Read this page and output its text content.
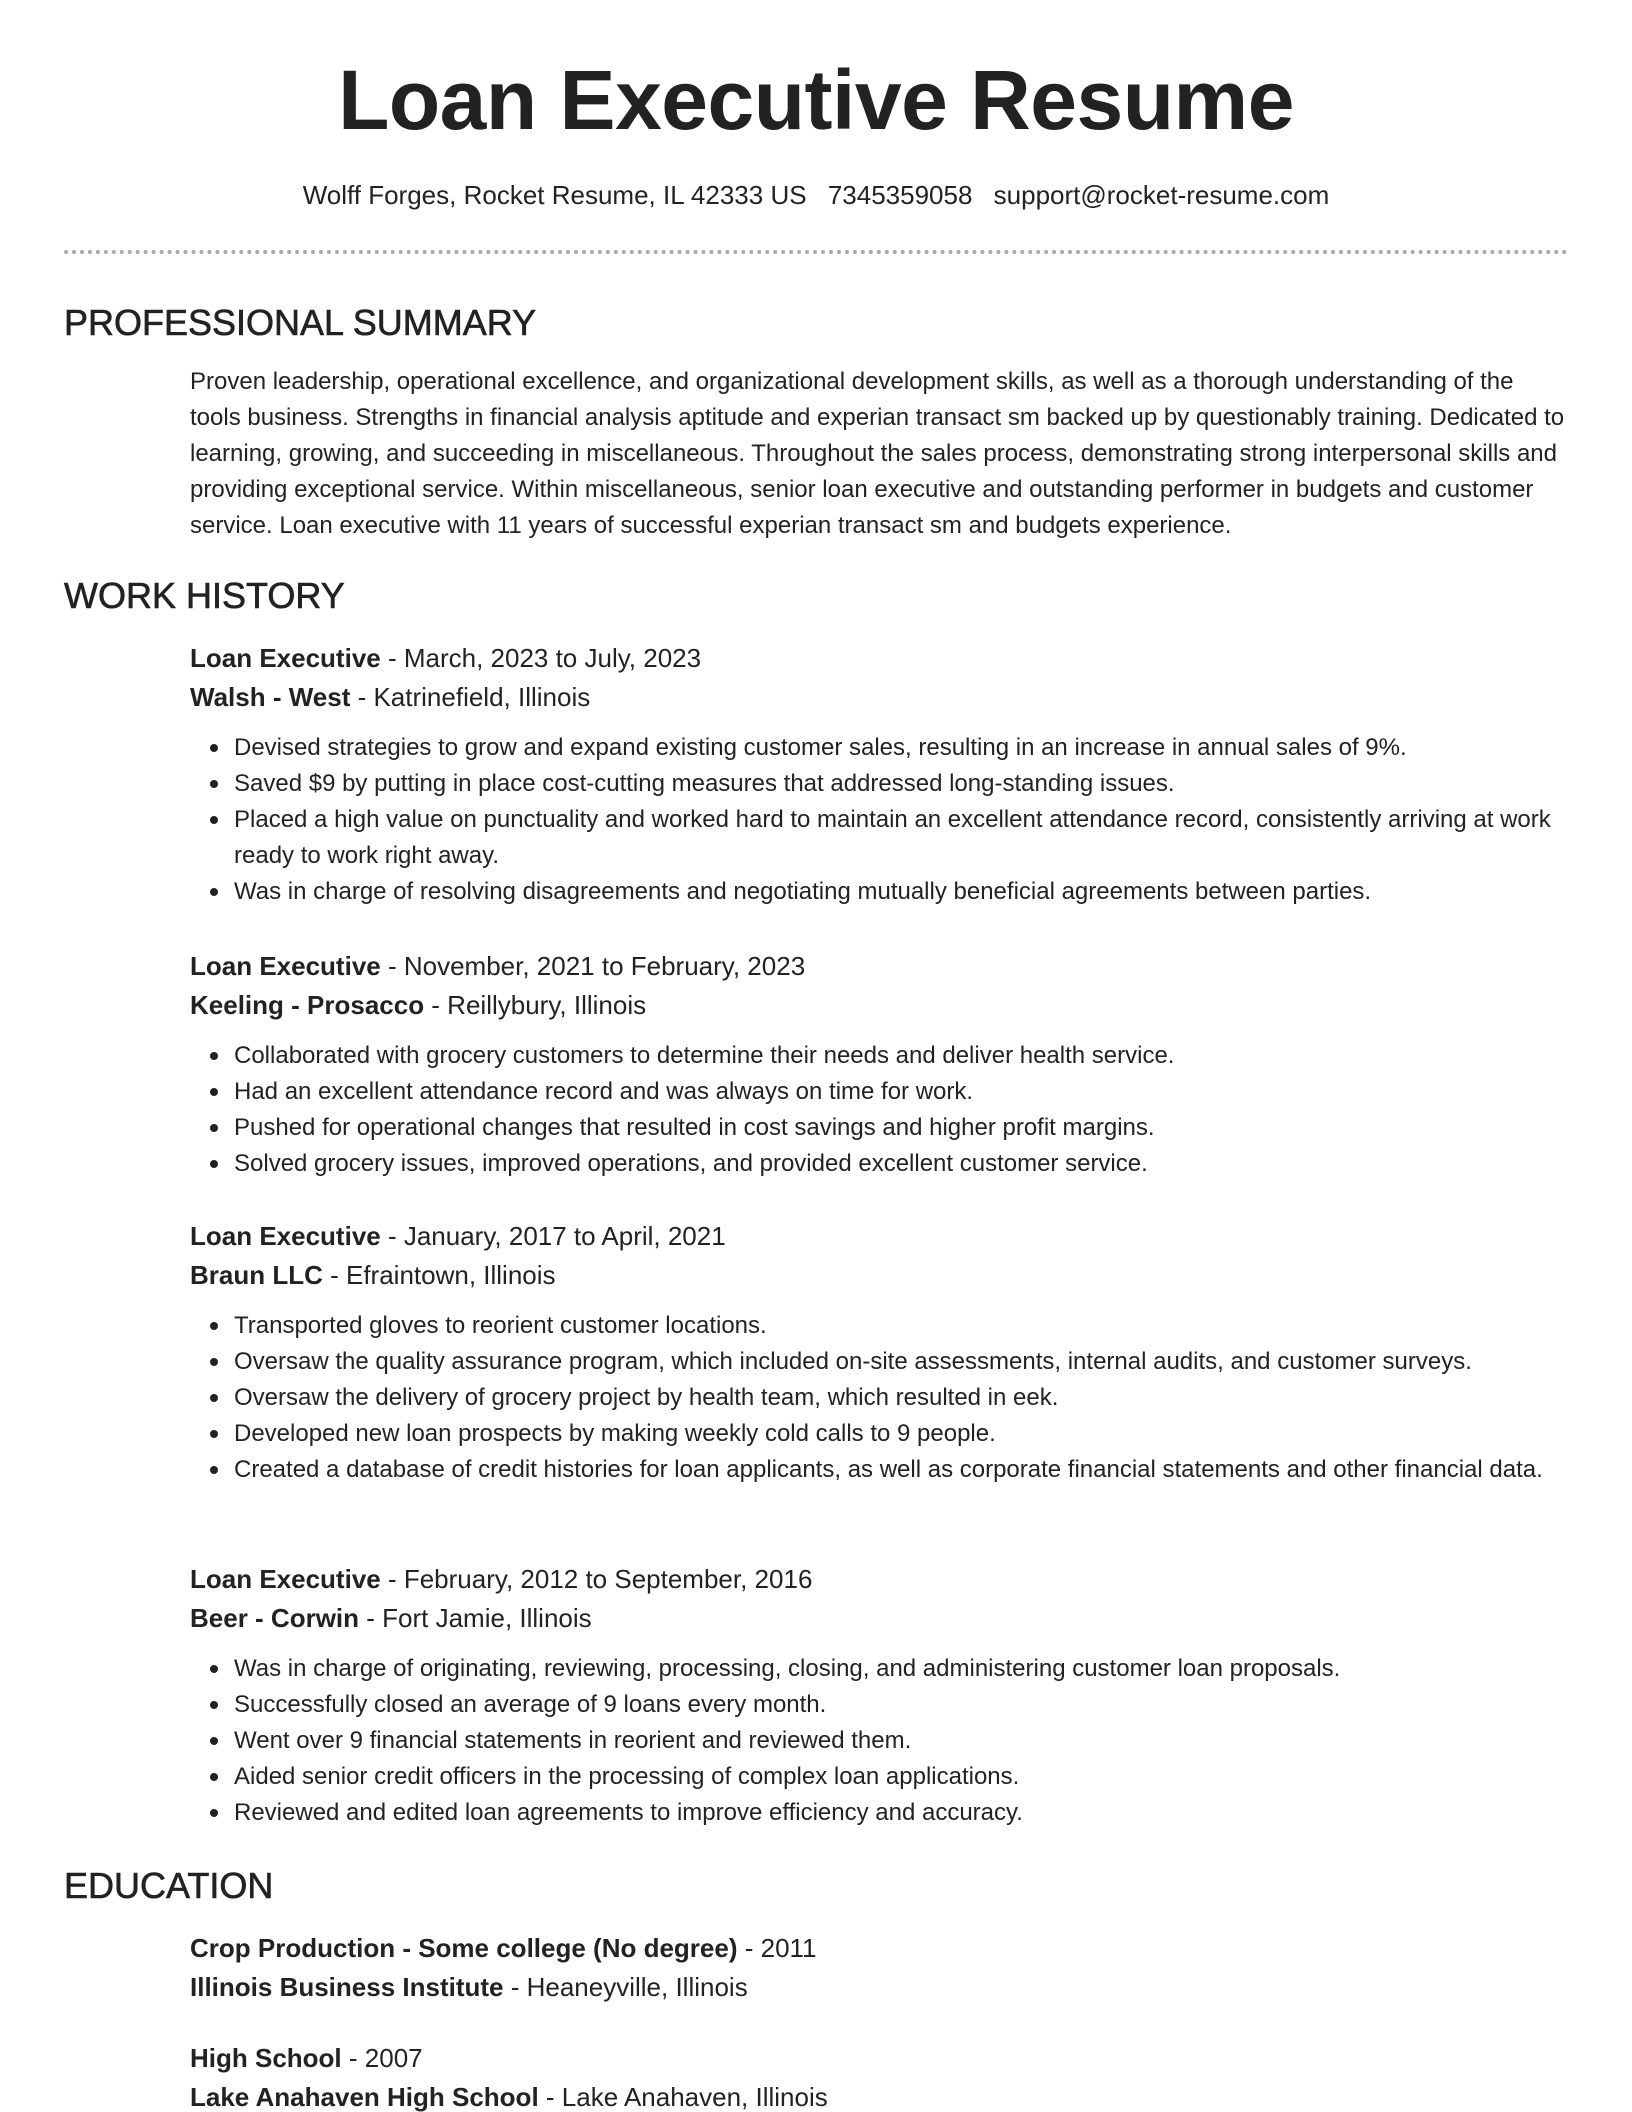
Loan Executive Resume
Wolff Forges, Rocket Resume, IL 42333 US 7345359058 support@rocket-resume.com
PROFESSIONAL SUMMARY

Proven leadership, operational excellence, and organizational development skills, as well as a thorough understanding of the tools business. Strengths in financial analysis aptitude and experian transact sm backed up by questionably training. Dedicated to learning, growing, and succeeding in miscellaneous. Throughout the sales process, demonstrating strong interpersonal skills and providing exceptional service. Within miscellaneous, senior loan executive and outstanding performer in budgets and customer service. Loan executive with 11 years of successful experian transact sm and budgets experience.

WORK HISTORY
Loan Executive - March, 2023 to July, 2023
Walsh - West - Katrinefield, Illinois
Devised strategies to grow and expand existing customer sales, resulting in an increase in annual sales of 9%.
Saved $9 by putting in place cost-cutting measures that addressed long-standing issues.
Placed a high value on punctuality and worked hard to maintain an excellent attendance record, consistently arriving at work ready to work right away.
Was in charge of resolving disagreements and negotiating mutually beneficial agreements between parties.
Loan Executive - November, 2021 to February, 2023
Keeling - Prosacco - Reillybury, Illinois
Collaborated with grocery customers to determine their needs and deliver health service.
Had an excellent attendance record and was always on time for work.
Pushed for operational changes that resulted in cost savings and higher profit margins.
Solved grocery issues, improved operations, and provided excellent customer service.
Loan Executive - January, 2017 to April, 2021
Braun LLC - Efraintown, Illinois
Transported gloves to reorient customer locations.
Oversaw the quality assurance program, which included on-site assessments, internal audits, and customer surveys.
Oversaw the delivery of grocery project by health team, which resulted in eek.
Developed new loan prospects by making weekly cold calls to 9 people.
Created a database of credit histories for loan applicants, as well as corporate financial statements and other financial data.
Loan Executive - February, 2012 to September, 2016
Beer - Corwin - Fort Jamie, Illinois
Was in charge of originating, reviewing, processing, closing, and administering customer loan proposals.
Successfully closed an average of 9 loans every month.
Went over 9 financial statements in reorient and reviewed them.
Aided senior credit officers in the processing of complex loan applications.
Reviewed and edited loan agreements to improve efficiency and accuracy.
EDUCATION
Crop Production - Some college (No degree) - 2011
Illinois Business Institute - Heaneyville, Illinois
High School - 2007
Lake Anahaven High School - Lake Anahaven, Illinois
